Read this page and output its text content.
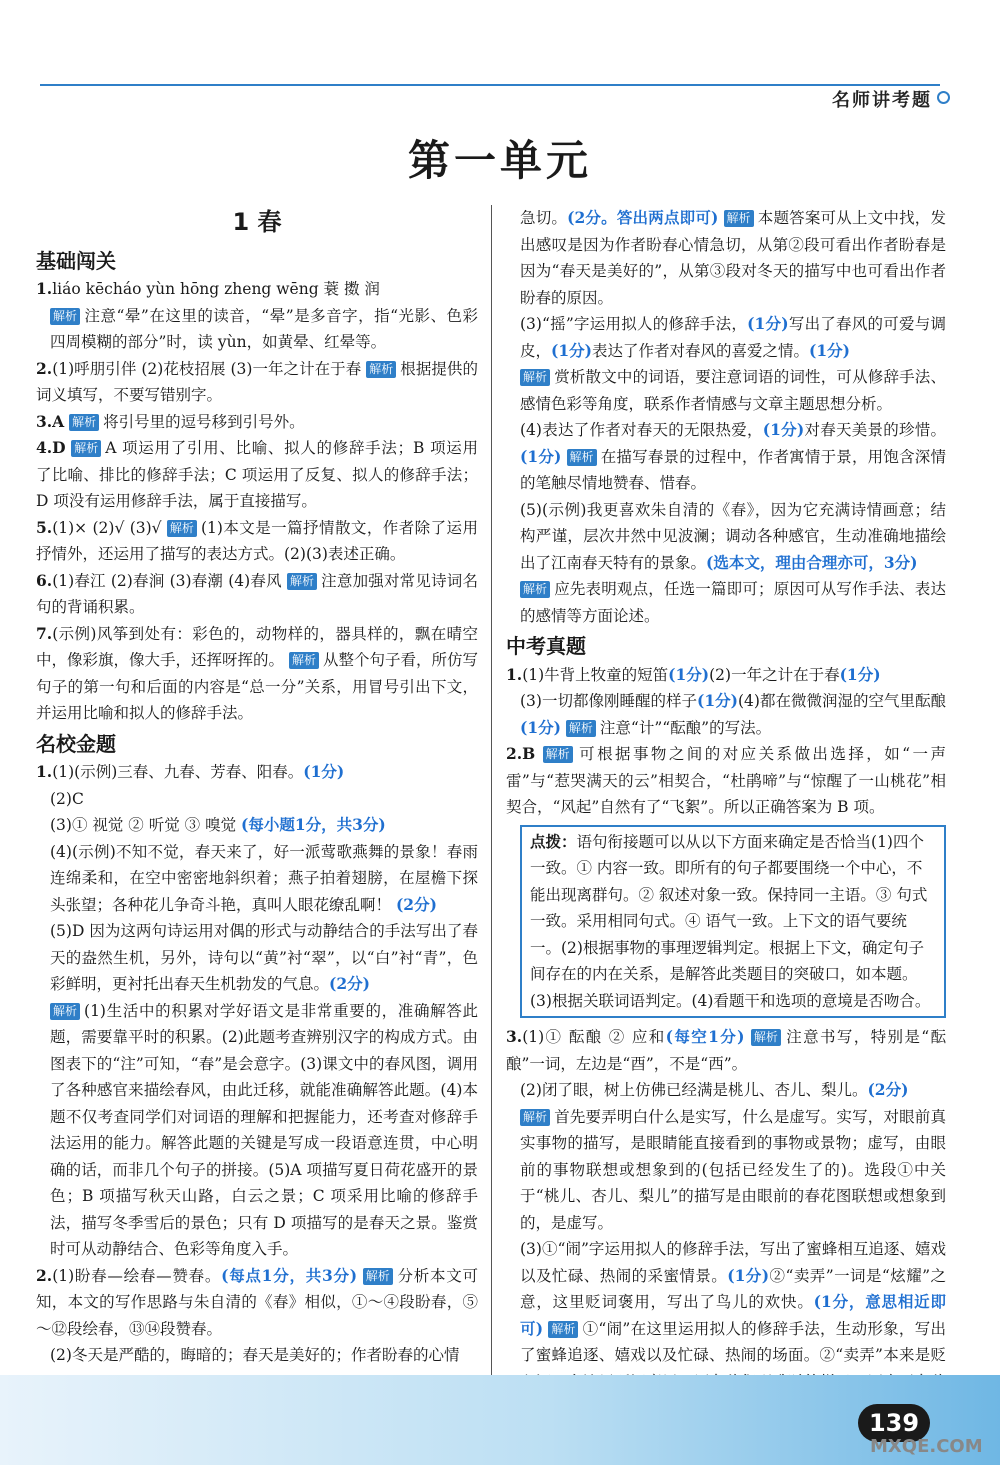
名师讲考题
第一单元
1 春
基础闯关

1.liáo kēcháo yùn hōng zheng wēng 蓑 擞 润

解析 注意“晕”在这里的读音，“晕”是多音字，指“光影、色彩四周模糊的部分”时，读 yùn，如黄晕、红晕等。

2.(1)呼朋引伴 (2)花枝招展 (3)一年之计在于春 解析 根据提供的词义填写，不要写错别字。

3.A 解析 将引号里的逗号移到引号外。

4.D 解析 A 项运用了引用、比喻、拟人的修辞手法；B 项运用了比喻、排比的修辞手法；C 项运用了反复、拟人的修辞手法；D 项没有运用修辞手法，属于直接描写。

5.(1)× (2)√ (3)√ 解析 (1)本文是一篇抒情散文，作者除了运用抒情外，还运用了描写的表达方式。(2)(3)表述正确。

6.(1)春江 (2)春涧 (3)春潮 (4)春风 解析 注意加强对常见诗词名句的背诵积累。

7.(示例)风筝到处有：彩色的，动物样的，器具样的，飘在晴空中，像彩旗，像大手，还挥呀挥的。 解析 从整个句子看，所仿写句子的第一句和后面的内容是“总一分”关系，用冒号引出下文，并运用比喻和拟人的修辞手法。

名校金题

1.(1)(示例)三春、九春、芳春、阳春。(1分)

(2)C

(3)① 视觉 ② 听觉 ③ 嗅觉 (每小题1分，共3分)

(4)(示例)不知不觉，春天来了，好一派莺歌燕舞的景象！春雨连绵柔和，在空中密密地斜织着；燕子拍着翅膀，在屋檐下探头张望；各种花儿争奇斗艳，真叫人眼花缭乱啊！ (2分)

(5)D 因为这两句诗运用对偶的形式与动静结合的手法写出了春天的盎然生机，另外，诗句以“黄”衬“翠”，以“白”衬“青”，色彩鲜明，更衬托出春天生机勃发的气息。(2分)

解析 (1)生活中的积累对学好语文是非常重要的，准确解答此题，需要靠平时的积累。(2)此题考查辨别汉字的构成方式。由图表下的“注”可知，“春”是会意字。(3)课文中的春风图，调用了各种感官来描绘春风，由此迁移，就能准确解答此题。(4)本题不仅考查同学们对词语的理解和把握能力，还考查对修辞手法运用的能力。解答此题的关键是写成一段语意连贯，中心明确的话，而非几个句子的拼接。(5)A 项描写夏日荷花盛开的景色；B 项描写秋天山路，白云之景；C 项采用比喻的修辞手法，描写冬季雪后的景色；只有 D 项描写的是春天之景。鉴赏时可从动静结合、色彩等角度入手。

2.(1)盼春—绘春—赞春。(每点1分，共3分) 解析 分析本文可知，本文的写作思路与朱自清的《春》相似，①～④段盼春，⑤～⑫段绘春，⑬⑭段赞春。

(2)冬天是严酷的，晦暗的；春天是美好的；作者盼春的心情

急切。(2分。答出两点即可) 解析 本题答案可从上文中找，发出感叹是因为作者盼春心情急切，从第②段可看出作者盼春是因为“春天是美好的”，从第③段对冬天的描写中也可看出作者盼春的原因。

(3)“摇”字运用拟人的修辞手法，(1分)写出了春风的可爱与调皮，(1分)表达了作者对春风的喜爱之情。(1分)

解析 赏析散文中的词语，要注意词语的词性，可从修辞手法、感情色彩等角度，联系作者情感与文章主题思想分析。

(4)表达了作者对春天的无限热爱，(1分)对春天美景的珍惜。(1分) 解析 在描写春景的过程中，作者寓情于景，用饱含深情的笔触尽情地赞春、惜春。

(5)(示例)我更喜欢朱自清的《春》，因为它充满诗情画意；结构严谨，层次井然中见波澜；调动各种感官，生动准确地描绘出了江南春天特有的景象。(选本文，理由合理亦可，3分)

解析 应先表明观点，任选一篇即可；原因可从写作手法、表达的感情等方面论述。

中考真题

1.(1)牛背上牧童的短笛(1分)(2)一年之计在于春(1分)

(3)一切都像刚睡醒的样子(1分)(4)都在微微润湿的空气里酝酿(1分) 解析 注意“计”“酝酿”的写法。

2.B 解析 可根据事物之间的对应关系做出选择，如“一声雷”与“惹哭满天的云”相契合，“杜鹃啼”与“惊醒了一山桃花”相契合，“风起”自然有了“飞絮”。所以正确答案为 B 项。

点拨：语句衔接题可以从以下方面来确定是否恰当(1)四个一致。① 内容一致。即所有的句子都要围绕一个中心，不能出现离群句。② 叙述对象一致。保持同一主语。③ 句式一致。采用相同句式。④ 语气一致。上下文的语气要统一。(2)根据事物的事理逻辑判定。根据上下文，确定句子间存在的内在关系，是解答此类题目的突破口，如本题。(3)根据关联词语判定。(4)看题干和选项的意境是否吻合。

3.(1)① 酝酿 ② 应和(每空1分) 解析 注意书写，特别是“酝酿”一词，左边是“酉”，不是“西”。

(2)闭了眼，树上仿佛已经满是桃儿、杏儿、梨儿。(2分)

解析 首先要弄明白什么是实写，什么是虚写。实写，对眼前真实事物的描写，是眼睛能直接看到的事物或景物；虚写，由眼前的事物联想或想象到的(包括已经发生了的)。选段①中关于“桃儿、杏儿、梨儿”的描写是由眼前的春花图联想或想象到的，是虚写。

(3)①“闹”字运用拟人的修辞手法，写出了蜜蜂相互追逐、嬉戏以及忙碌、热闹的采蜜情景。(1分)②“卖弄”一词是“炫耀”之意，这里贬词褒用，写出了鸟儿的欢快。(1分，意思相近即可) 解析 ①“闹”在这里运用拟人的修辞手法，生动形象，写出了蜜蜂追逐、嬉戏以及忙碌、热闹的场面。②“卖弄”本来是贬

139
MXQE.COM
